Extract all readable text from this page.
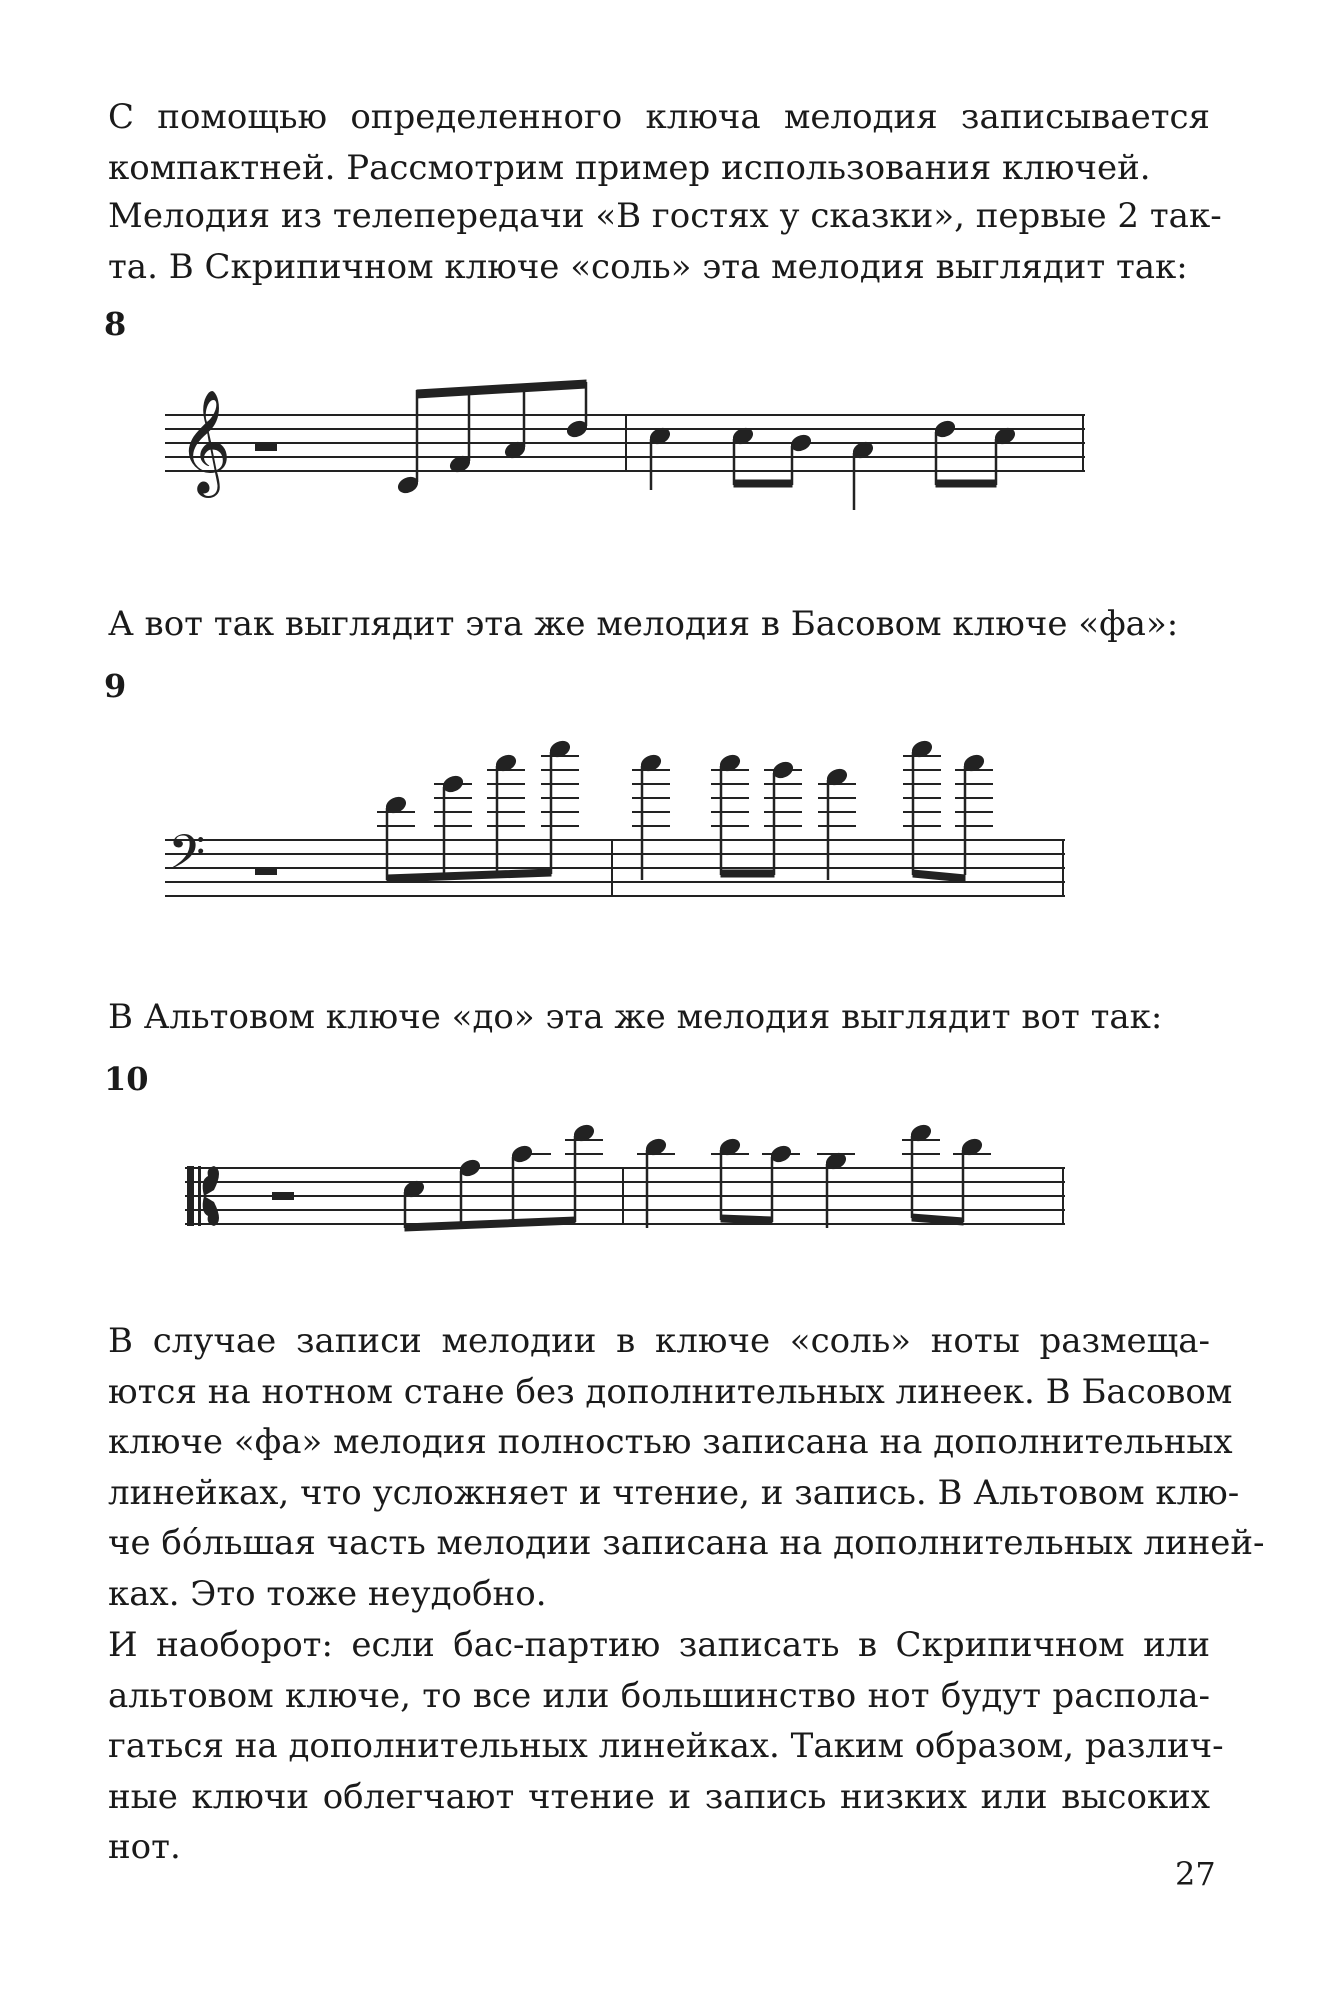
С помощью определенного ключа мелодия записывается
компактней. Рассмотрим пример использования ключей.

Мелодия из телепередачи «В гостях у сказки», первые 2 так-
та. В Скрипичном ключе «соль» эта мелодия выглядит так:

8
𝄞

А вот так выглядит эта же мелодия в Басовом ключе «фа»:

9
𝄢

В Альтовом ключе «до» эта же мелодия выглядит вот так:

10

В случае записи мелодии в ключе «соль» ноты размеща-
ются на нотном стане без дополнительных линеек. В Басовом
ключе «фа» мелодия полностью записана на дополнительных
линейках, что усложняет и чтение, и запись. В Альтовом клю-
че бóльшая часть мелодии записана на дополнительных линей-
ках. Это тоже неудобно.

И наоборот: если бас-партию записать в Скрипичном или
альтовом ключе, то все или большинство нот будут распола-
гаться на дополнительных линейках. Таким образом, различ-
ные ключи облегчают чтение и запись низких или высоких
нот.

27
